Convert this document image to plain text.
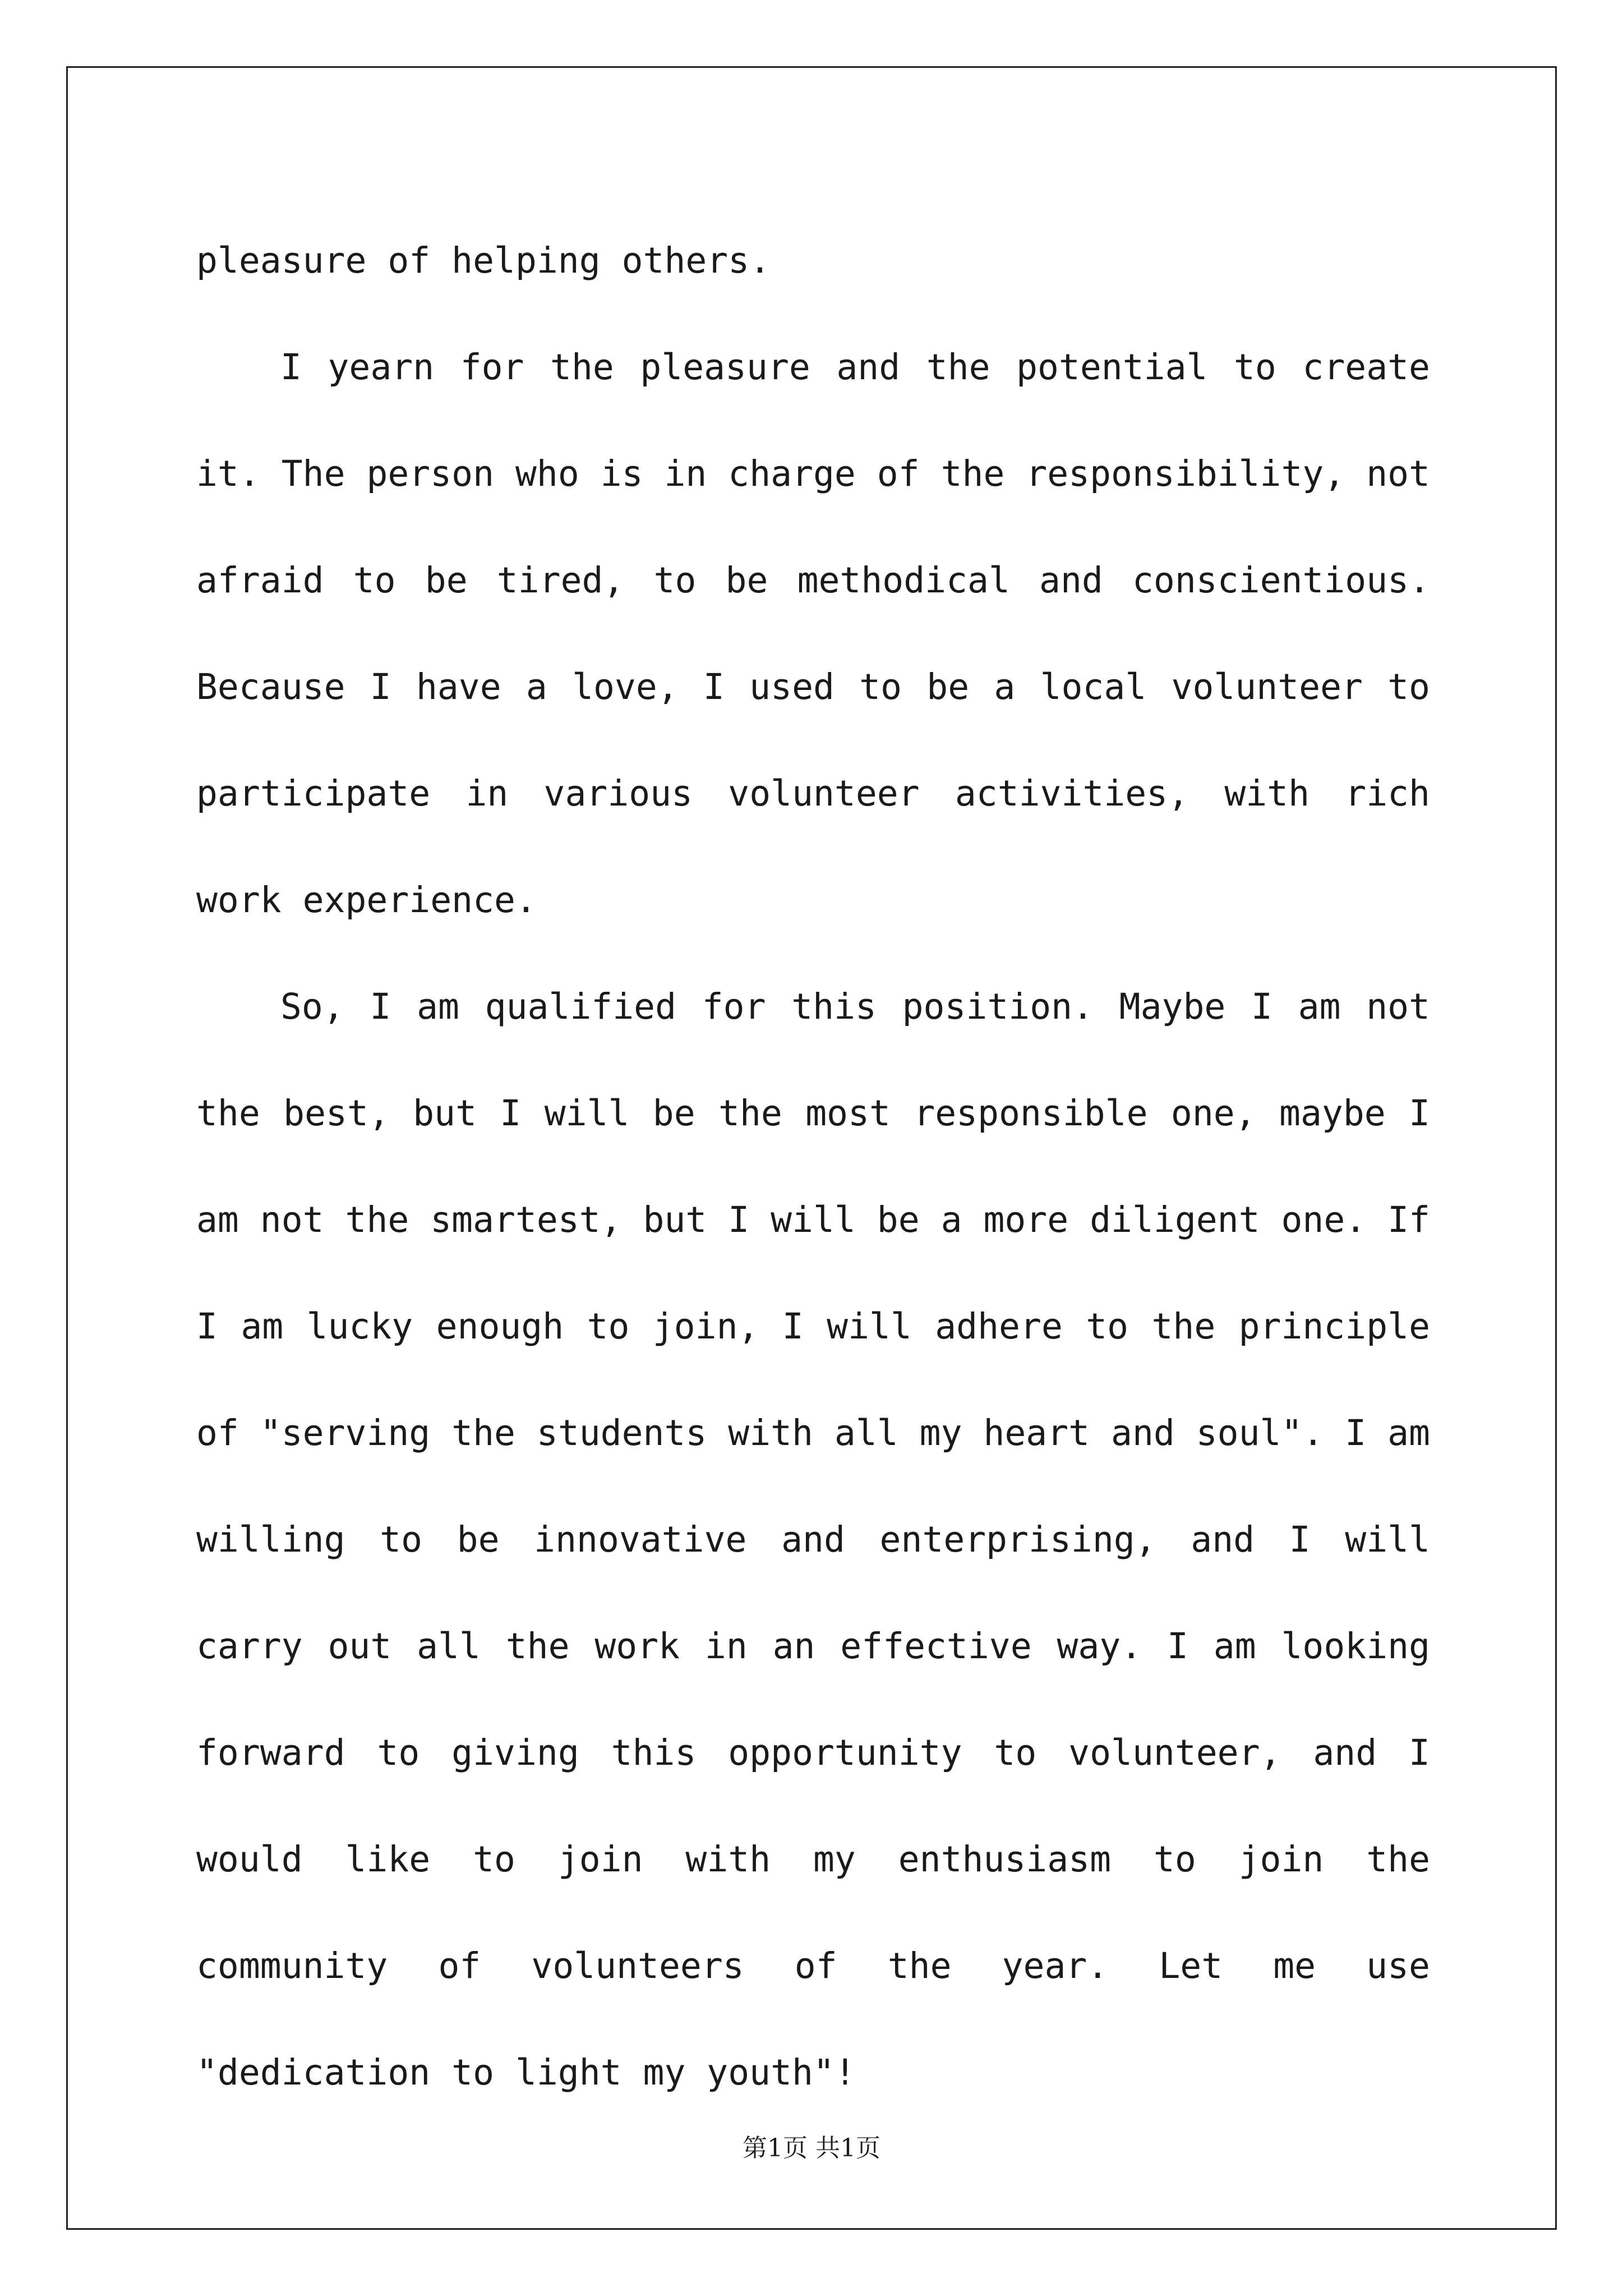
pleasure of helping others.

I yearn for the pleasure and the potential to create it. The person who is in charge of the responsibility, not afraid to be tired, to be methodical and conscientious. Because I have a love, I used to be a local volunteer to participate in various volunteer activities, with rich work experience.

So, I am qualified for this position. Maybe I am not the best, but I will be the most responsible one, maybe I am not the smartest, but I will be a more diligent one. If I am lucky enough to join, I will adhere to the principle of "serving the students with all my heart and soul". I am willing to be innovative and enterprising, and I will carry out all the work in an effective way. I am looking forward to giving this opportunity to volunteer, and I would like to join with my enthusiasm to join the community of volunteers of the year. Let me use "dedication to light my youth"!

第1页 共1页
